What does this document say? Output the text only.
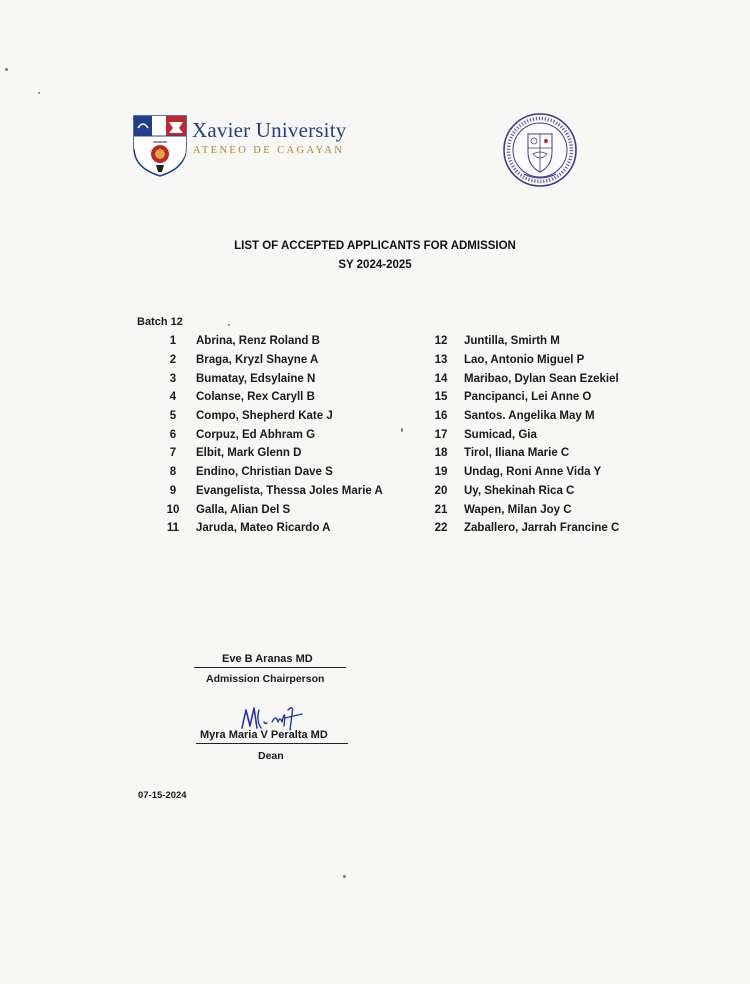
Xavier University
ATENEO DE CAGAYAN
LIST OF ACCEPTED APPLICANTS FOR ADMISSION
SY 2024-2025
Batch 12
1	Abrina, Renz Roland B
2	Braga, Kryzl Shayne A
3	Bumatay, Edsylaine N
4	Colanse, Rex Caryll B
5	Compo, Shepherd Kate J
6	Corpuz, Ed Abhram G
7	Elbit, Mark Glenn D
8	Endino, Christian Dave S
9	Evangelista, Thessa Joles Marie A
10	Galla, Alian Del S
11	Jaruda, Mateo Ricardo A
12	Juntilla, Smirth M
13	Lao, Antonio Miguel P
14	Maribao, Dylan Sean Ezekiel
15	Pancipanci, Lei Anne O
16	Santos. Angelika May M
17	Sumicad, Gia
18	Tirol, Iliana Marie C
19	Undag, Roni Anne Vida Y
20	Uy, Shekinah Rica C
21	Wapen, Milan Joy C
22	Zaballero, Jarrah Francine C
Eve B Aranas MD
Admission Chairperson
Myra Maria V Peralta MD
Dean
07-15-2024
